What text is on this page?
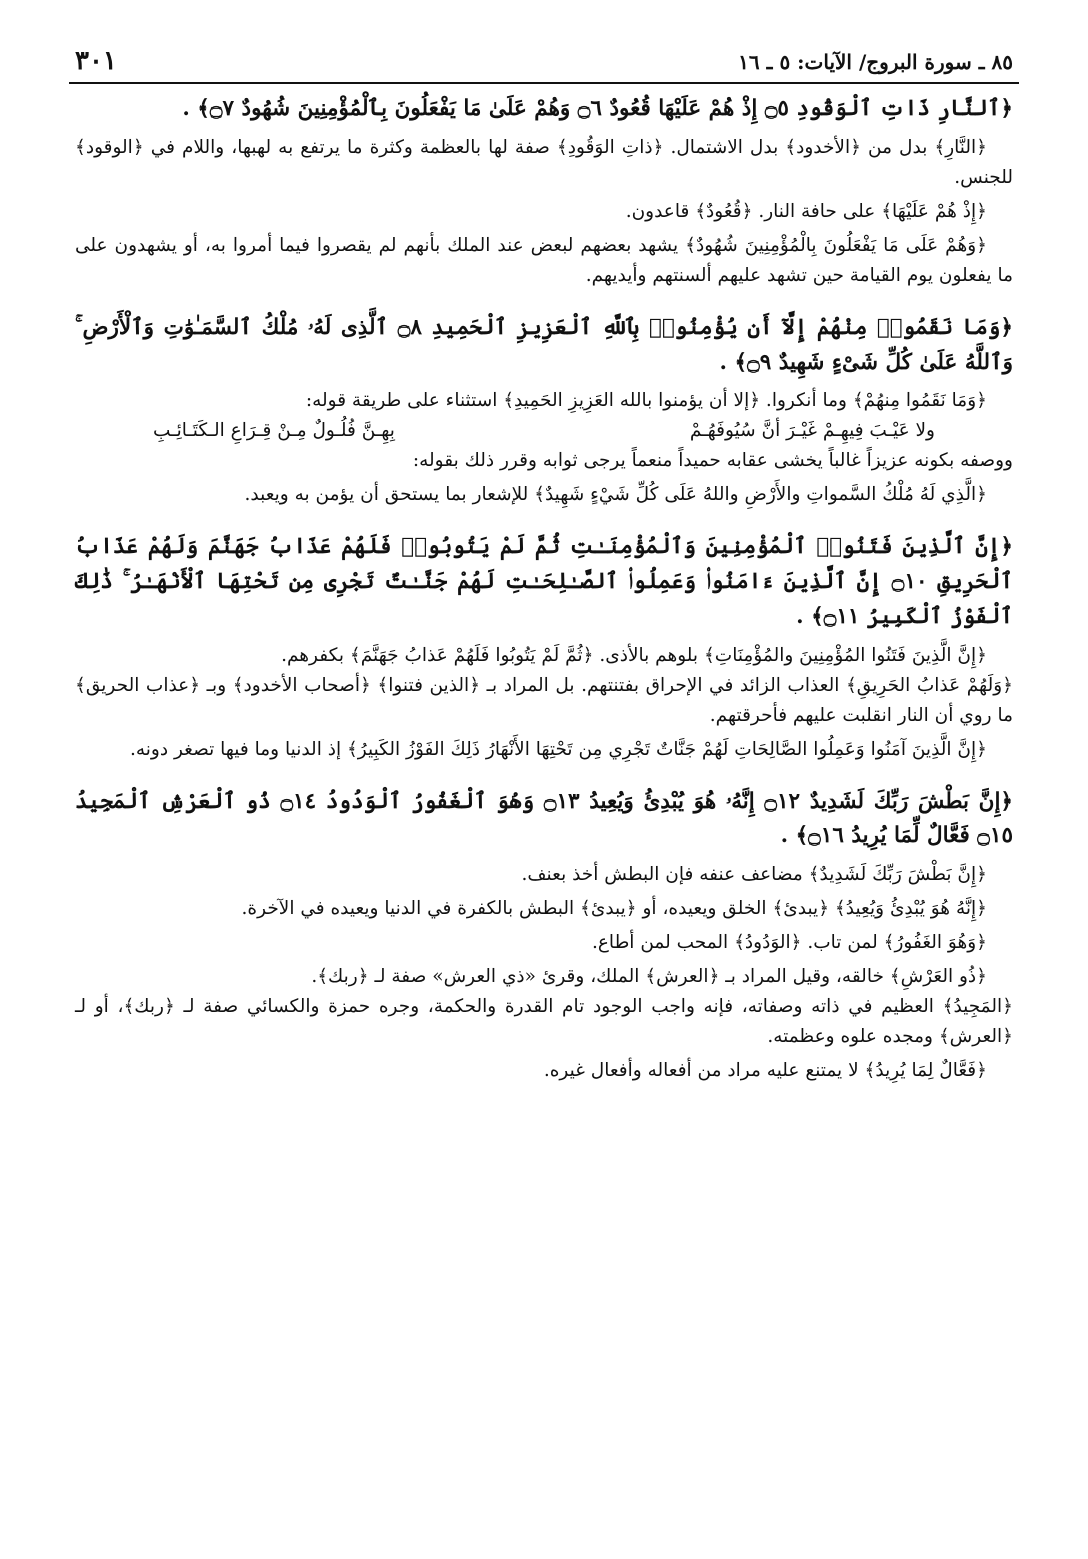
٨٥ ـ سورة البروج/ الآيات: ٥ ـ ١٦
٣٠١

﴿ٱلنَّارِ ذَاتِ ٱلْوَقُودِ ۝٥ إِذْ هُمْ عَلَيْهَا قُعُودٌ ۝٦ وَهُمْ عَلَىٰ مَا يَفْعَلُونَ بِٱلْمُؤْمِنِينَ شُهُودٌ ۝٧﴾ .

﴿النَّارِ﴾ بدل من ﴿الأخدود﴾ بدل الاشتمال. ﴿ذاتِ الوَقُودِ﴾ صفة لها بالعظمة وكثرة ما يرتفع به لهبها، واللام في ﴿الوقود﴾ للجنس.

﴿إِذْ هُمْ عَلَيْهَا﴾ على حافة النار. ﴿قُعُودٌ﴾ قاعدون.

﴿وَهُمْ عَلَى مَا يَفْعَلُونَ بِالْمُؤْمِنِينَ شُهُودٌ﴾ يشهد بعضهم لبعض عند الملك بأنهم لم يقصروا فيما أمروا به، أو يشهدون على ما يفعلون يوم القيامة حين تشهد عليهم ألسنتهم وأيديهم.

﴿وَمَا نَقَمُوا۟ مِنْهُمْ إِلَّآ أَن يُؤْمِنُوا۟ بِٱللَّهِ ٱلْعَزِيزِ ٱلْحَمِيدِ ۝٨ ٱلَّذِى لَهُۥ مُلْكُ ٱلسَّمَـٰوَٰتِ وَٱلْأَرْضِ ۚ وَٱللَّهُ عَلَىٰ كُلِّ شَىْءٍ شَهِيدٌ ۝٩﴾ .

﴿وَمَا نَقَمُوا مِنهُمْ﴾ وما أنكروا. ﴿إلا أن يؤمنوا بالله العَزِيزِ الحَمِيدِ﴾ استثناء على طريقة قوله:

ولا عَيْـبَ فِيهِـمْ غَيْـرَ أنَّ سُيُوفَهُـمْ
بِهِـنَّ فُلُـولٌ مِـنْ قِـرَاعِ الـكَتَـائِـبِ

ووصفه بكونه عزيزاً غالباً يخشى عقابه حميداً منعماً يرجى ثوابه وقرر ذلك بقوله:

﴿الَّذِي لَهُ مُلْكُ السَّمواتِ والأَرْضِ واللهُ عَلَى كُلِّ شَيْءٍ شَهِيدٌ﴾ للإشعار بما يستحق أن يؤمن به ويعبد.

﴿إِنَّ ٱلَّذِينَ فَتَنُوا۟ ٱلْمُؤْمِنِينَ وَٱلْمُؤْمِنَـٰتِ ثُمَّ لَمْ يَتُوبُوا۟ فَلَهُمْ عَذَابُ جَهَنَّمَ وَلَهُمْ عَذَابُ ٱلْحَرِيقِ ۝١٠ إِنَّ ٱلَّذِينَ ءَامَنُوا۟ وَعَمِلُوا۟ ٱلصَّـٰلِحَـٰتِ لَهُمْ جَنَّـٰتٌ تَجْرِى مِن تَحْتِهَا ٱلْأَنْهَـٰرُ ۚ ذَٰلِكَ ٱلْفَوْزُ ٱلْكَبِيرُ ۝١١﴾ .

﴿إِنَّ الَّذِينَ فَتَنُوا المُؤْمِنِينَ والمُؤْمِنَاتِ﴾ بلوهم بالأذى. ﴿ثُمَّ لَمْ يَتُوبُوا فَلَهُمْ عَذابُ جَهَنَّمَ﴾ بكفرهم.

﴿وَلَهُمْ عَذابُ الحَرِيقِ﴾ العذاب الزائد في الإحراق بفتنتهم. بل المراد بـ ﴿الذين فتنوا﴾ ﴿أصحاب الأخدود﴾ وبـ ﴿عذاب الحريق﴾ ما روي أن النار انقلبت عليهم فأحرقتهم.

﴿إِنَّ الَّذِينَ آمَنُوا وَعَمِلُوا الصَّالِحَاتِ لَهُمْ جَنَّاتٌ تَجْرِي مِن تَحْتِهَا الأَنْهَارُ ذَلِكَ الفَوْزُ الكَبِيرُ﴾ إذ الدنيا وما فيها تصغر دونه.

﴿إِنَّ بَطْشَ رَبِّكَ لَشَدِيدٌ ۝١٢ إِنَّهُۥ هُوَ يُبْدِئُ وَيُعِيدُ ۝١٣ وَهُوَ ٱلْغَفُورُ ٱلْوَدُودُ ۝١٤ ذُو ٱلْعَرْشِ ٱلْمَجِيدُ ۝١٥ فَعَّالٌ لِّمَا يُرِيدُ ۝١٦﴾ .

﴿إِنَّ بَطْشَ رَبِّكَ لَشَدِيدٌ﴾ مضاعف عنفه فإن البطش أخذ بعنف.

﴿إِنَّهُ هُوَ يُبْدِئُ وَيُعِيدُ﴾ ﴿يبدئ﴾ الخلق ويعيده، أو ﴿يبدئ﴾ البطش بالكفرة في الدنيا ويعيده في الآخرة.

﴿وَهُوَ الغَفُورُ﴾ لمن تاب. ﴿الوَدُودُ﴾ المحب لمن أطاع.

﴿ذُو العَرْشِ﴾ خالقه، وقيل المراد بـ ﴿العرش﴾ الملك، وقرئ «ذي العرش» صفة لـ ﴿ربك﴾.

﴿المَجِيدُ﴾ العظيم في ذاته وصفاته، فإنه واجب الوجود تام القدرة والحكمة، وجره حمزة والكسائي صفة لـ ﴿ربك﴾، أو لـ ﴿العرش﴾ ومجده علوه وعظمته.

﴿فَعَّالٌ لِمَا يُرِيدُ﴾ لا يمتنع عليه مراد من أفعاله وأفعال غيره.
